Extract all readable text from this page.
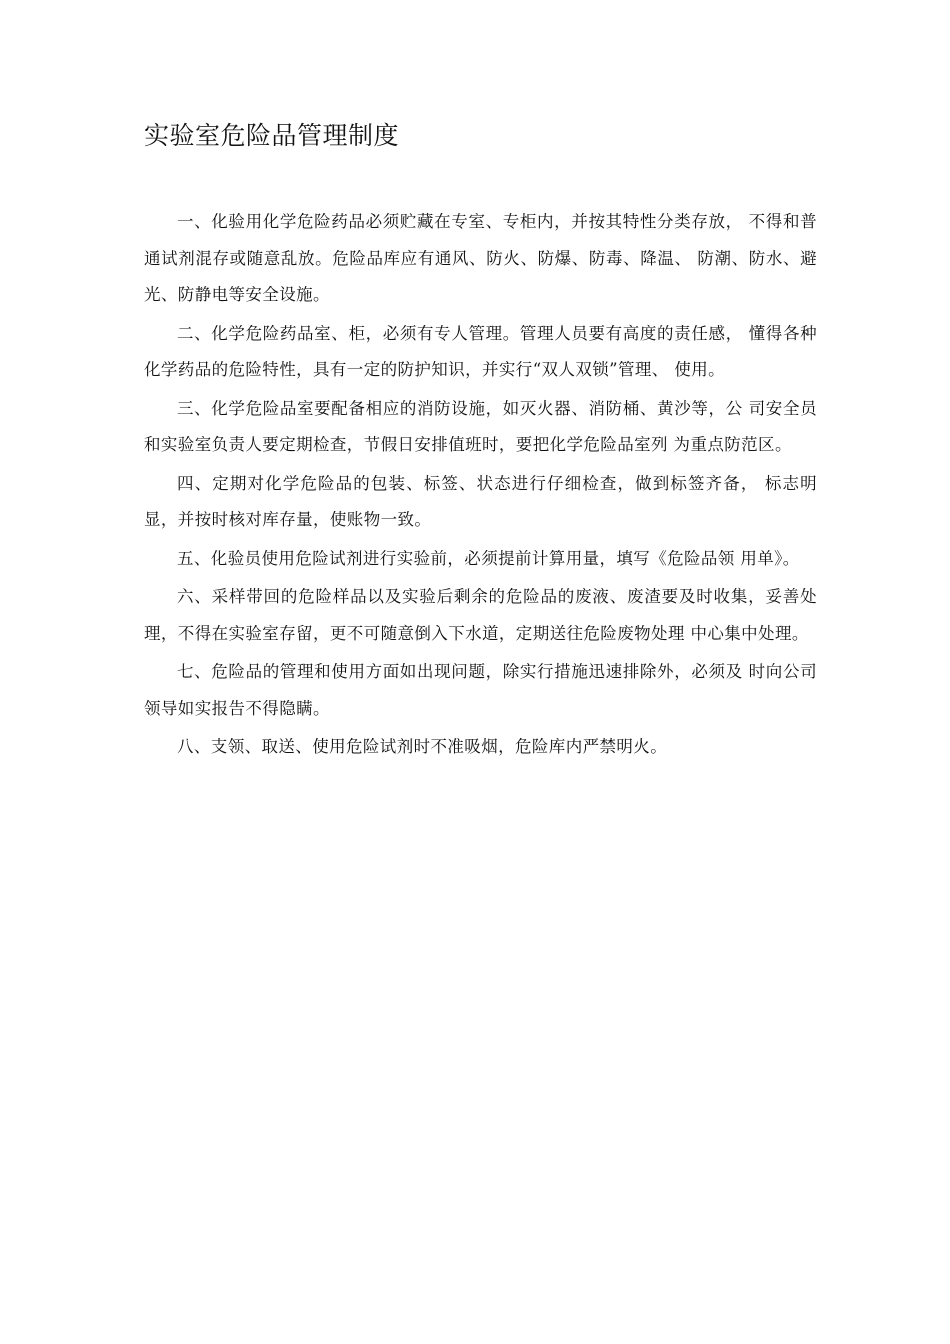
实验室危险品管理制度

一、化验用化学危险药品必须贮藏在专室、专柜内，并按其特性分类存放， 不得和普通试剂混存或随意乱放。危险品库应有通风、防火、防爆、防毒、降温、 防潮、防水、避光、防静电等安全设施。

二、化学危险药品室、柜，必须有专人管理。管理人员要有高度的责任感， 懂得各种化学药品的危险特性，具有一定的防护知识，并实行“双人双锁”管理、 使用。

三、化学危险品室要配备相应的消防设施，如灭火器、消防桶、黄沙等，公 司安全员和实验室负责人要定期检查，节假日安排值班时，要把化学危险品室列 为重点防范区。

四、定期对化学危险品的包装、标签、状态进行仔细检查，做到标签齐备， 标志明显，并按时核对库存量，使账物一致。

五、化验员使用危险试剂进行实验前，必须提前计算用量，填写《危险品领 用单》。

六、采样带回的危险样品以及实验后剩余的危险品的废液、废渣要及时收集，妥善处理，不得在实验室存留，更不可随意倒入下水道，定期送往危险废物处理 中心集中处理。

七、危险品的管理和使用方面如出现问题，除实行措施迅速排除外，必须及 时向公司领导如实报告不得隐瞒。

八、支领、取送、使用危险试剂时不准吸烟，危险库内严禁明火。
